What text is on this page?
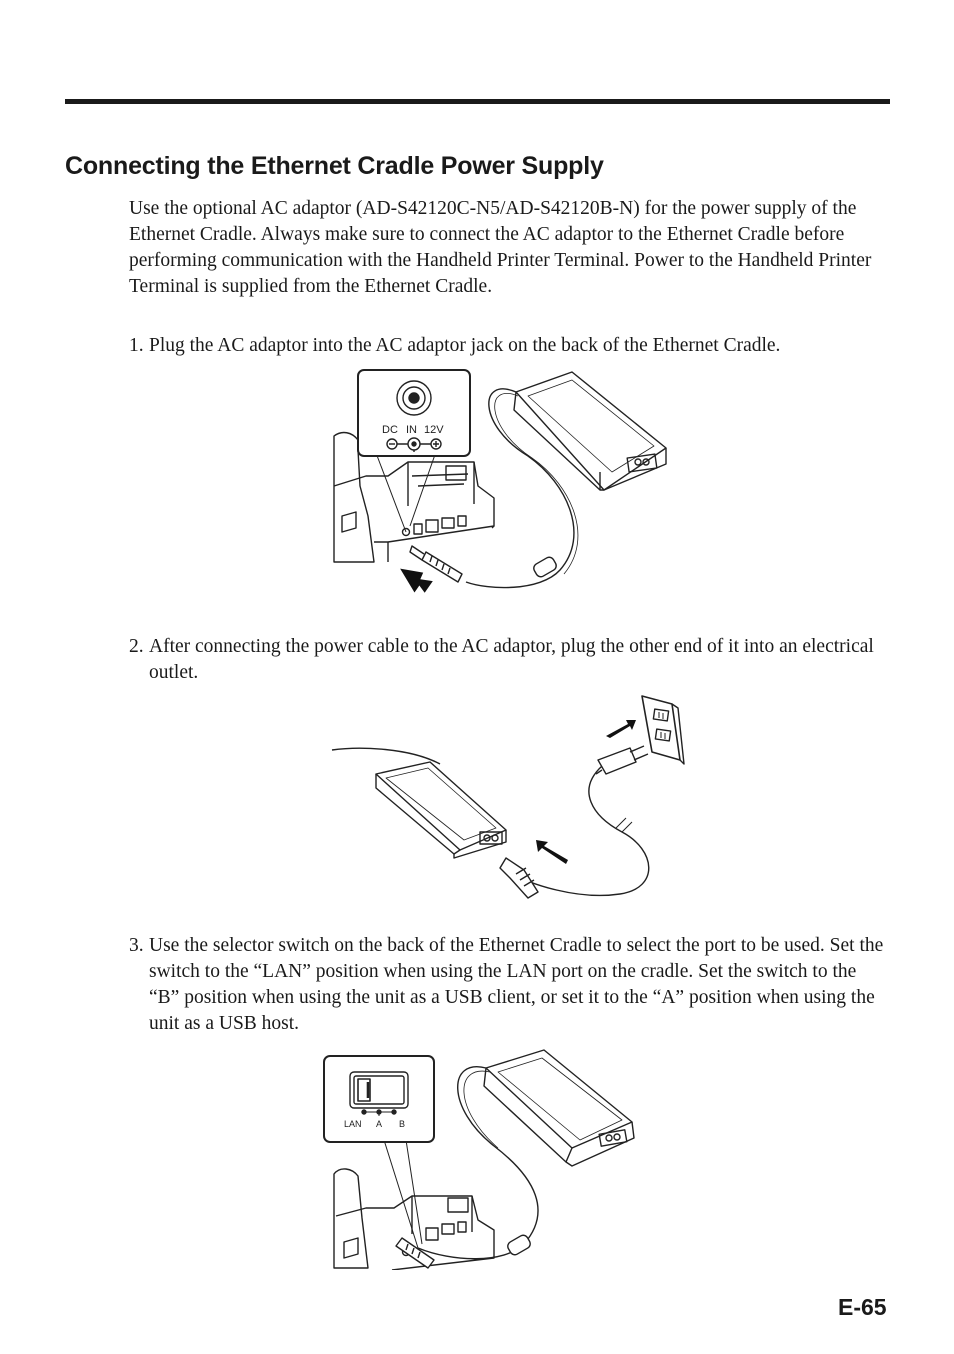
Connecting the Ethernet Cradle Power Supply
Use the optional AC adaptor (AD-S42120C-N5/AD-S42120B-N) for the power supply of the Ethernet Cradle. Always make sure to connect the AC adaptor to the Ethernet Cradle before performing communication with the Handheld Printer Terminal. Power to the Handheld Printer Terminal is supplied from the Ethernet Cradle.
1. Plug the AC adaptor into the AC adaptor jack on the back of the Ethernet Cradle.
DC IN 12V
2. After connecting the power cable to the AC adaptor, plug the other end of it into an electrical outlet.
3. Use the selector switch on the back of the Ethernet Cradle to select the port to be used. Set the switch to the “LAN” position when using the LAN port on the cradle. Set the switch to the “B” position when using the unit as a USB client, or set it to the “A” position when using the unit as a USB host.
LAN A B
E-65
